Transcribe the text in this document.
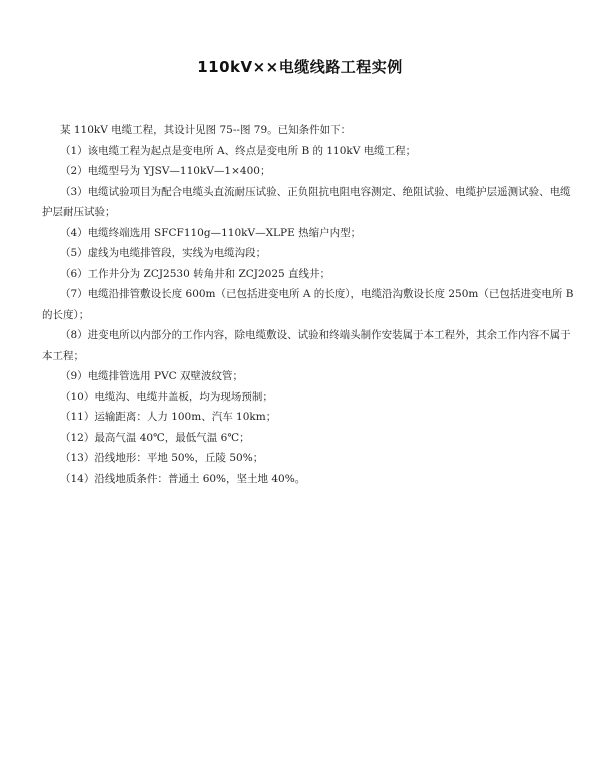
110kV××电缆线路工程实例

某 110kV 电缆工程，其设计见图 75--图 79。已知条件如下：

（1）该电缆工程为起点是变电所 A、终点是变电所 B 的 110kV 电缆工程；

（2）电缆型号为 YJSV—110kV—1×400；

（3）电缆试验项目为配合电缆头直流耐压试验、正负阻抗电阻电容测定、绝阻试验、电缆护层遥测试验、电缆护层耐压试验；

（4）电缆终端选用 SFCF110g—110kV—XLPE 热缩户内型；

（5）虚线为电缆排管段，实线为电缆沟段；

（6）工作井分为 ZCJ2530 转角井和 ZCJ2025 直线井；

（7）电缆沿排管敷设长度 600m（已包括进变电所 A 的长度），电缆沿沟敷设长度 250m（已包括进变电所 B 的长度）；

（8）进变电所以内部分的工作内容，除电缆敷设、试验和终端头制作安装属于本工程外，其余工作内容不属于本工程；

（9）电缆排管选用 PVC 双壁波纹管；

（10）电缆沟、电缆井盖板，均为现场预制；

（11）运输距离：人力 100m、汽车 10km；

（12）最高气温 40℃，最低气温 6℃；

（13）沿线地形：平地 50%，丘陵 50%；

（14）沿线地质条件：普通土 60%，坚土地 40%。
